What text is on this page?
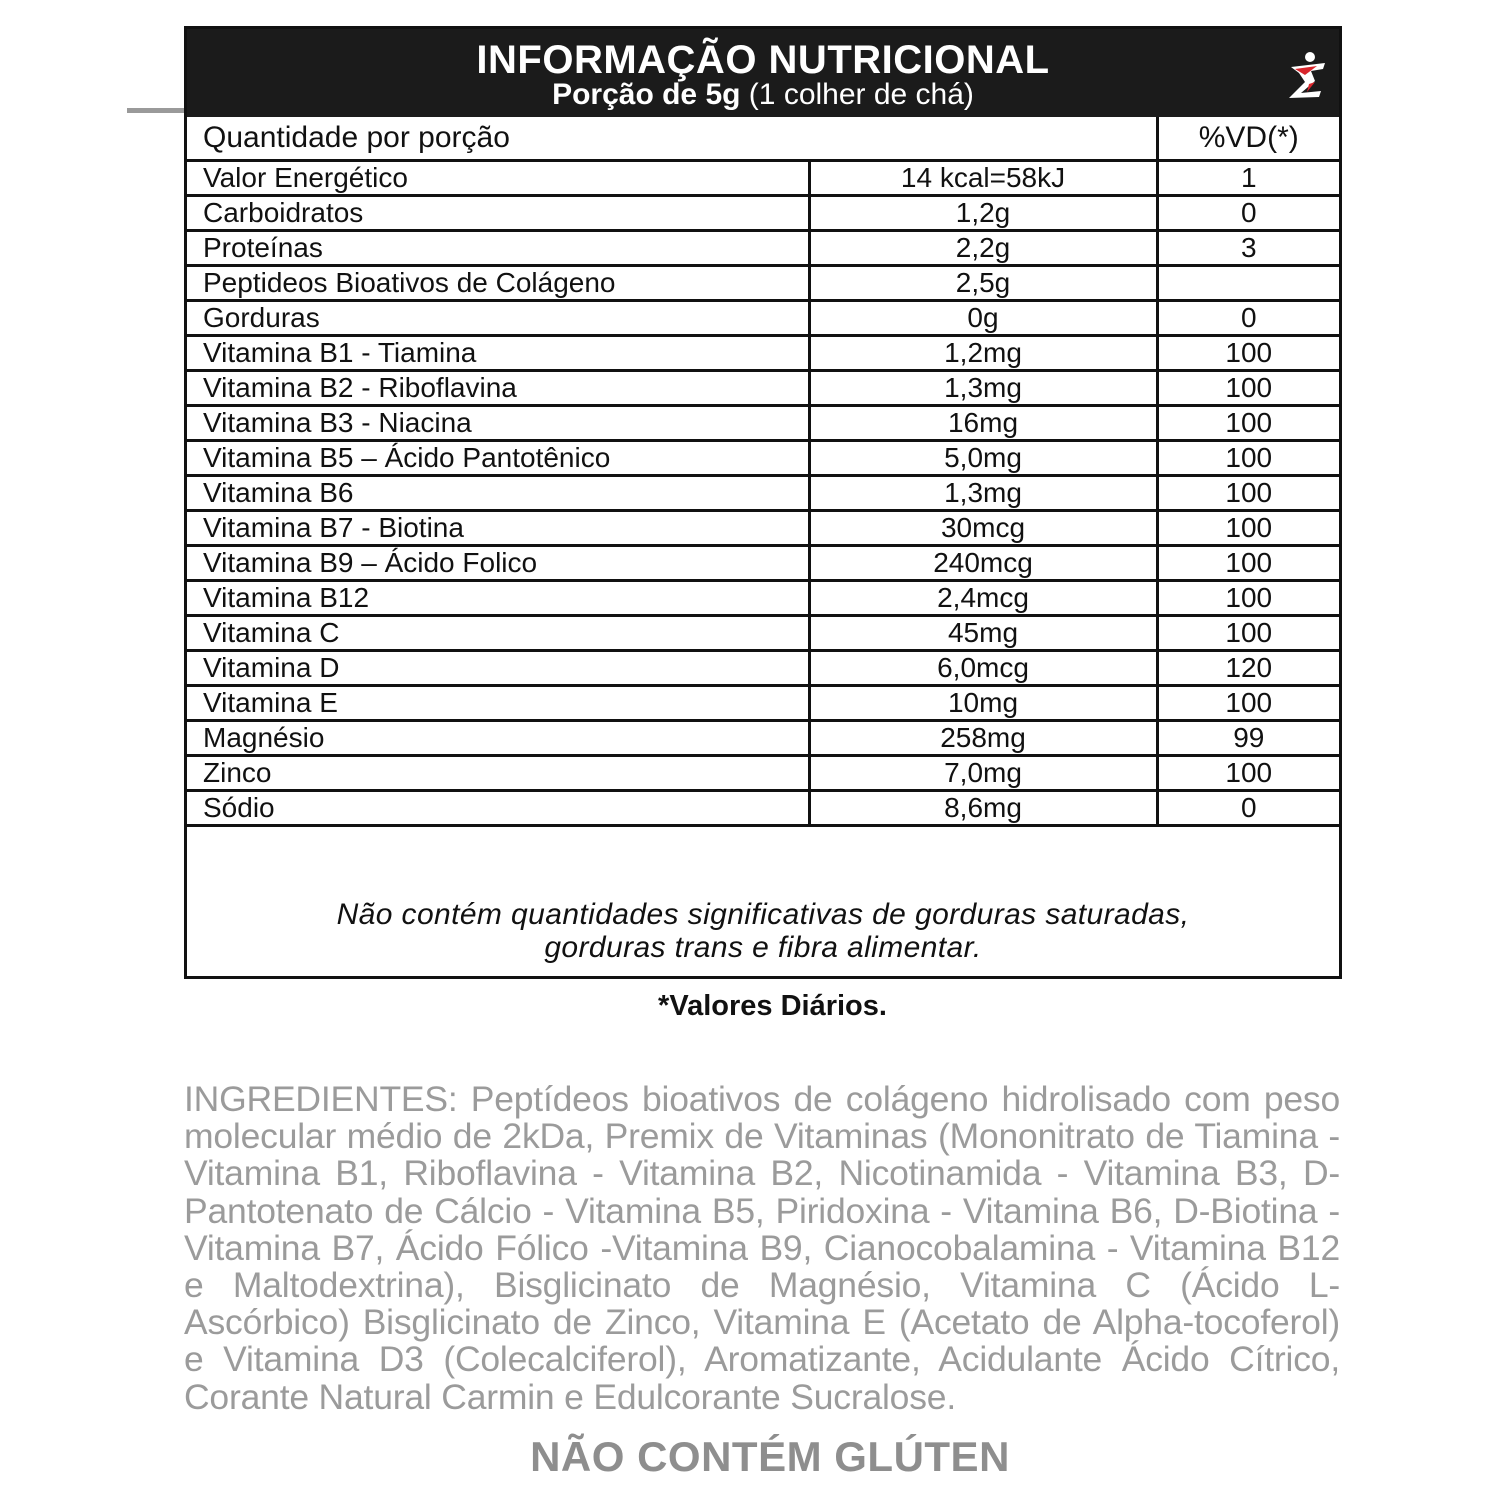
INFORMAÇÃO NUTRICIONAL
Porção de 5g (1 colher de chá)
Quantidade por porção		%VD(*)
Valor Energético	14 kcal=58kJ	1
Carboidratos	1,2g	0
Proteínas	2,2g	3
Peptideos Bioativos de Colágeno	2,5g	
Gorduras	0g	0
Vitamina B1 - Tiamina	1,2mg	100
Vitamina B2 - Riboflavina	1,3mg	100
Vitamina B3 - Niacina	16mg	100
Vitamina B5 – Ácido Pantotênico	5,0mg	100
Vitamina B6	1,3mg	100
Vitamina B7 - Biotina	30mcg	100
Vitamina B9 – Ácido Folico	240mcg	100
Vitamina B12	2,4mcg	100
Vitamina C	45mg	100
Vitamina D	6,0mcg	120
Vitamina E	10mg	100
Magnésio	258mg	99
Zinco	7,0mg	100
Sódio	8,6mg	0
Não contém quantidades significativas de gorduras saturadas,
gorduras trans e fibra alimentar.
*Valores Diários.
INGREDIENTES: Peptídeos bioativos de colágeno hidrolisado com peso molecular médio de 2kDa, Premix de Vitaminas (Mononitrato de Tiamina - Vitamina B1, Riboflavina - Vitamina B2, Nicotinamida - Vitamina B3, D-Pantotenato de Cálcio - Vitamina B5, Piridoxina - Vitamina B6, D-Biotina - Vitamina B7, Ácido Fólico -Vitamina B9, Cianocobalamina - Vitamina B12 e Maltodextrina), Bisglicinato de Magnésio, Vitamina C (Ácido L-Ascórbico) Bisglicinato de Zinco, Vitamina E (Acetato de Alpha-tocoferol) e Vitamina D3 (Colecalciferol), Aromatizante, Acidulante Ácido Cítrico, Corante Natural Carmin e Edulcorante Sucralose.
NÃO CONTÉM GLÚTEN
